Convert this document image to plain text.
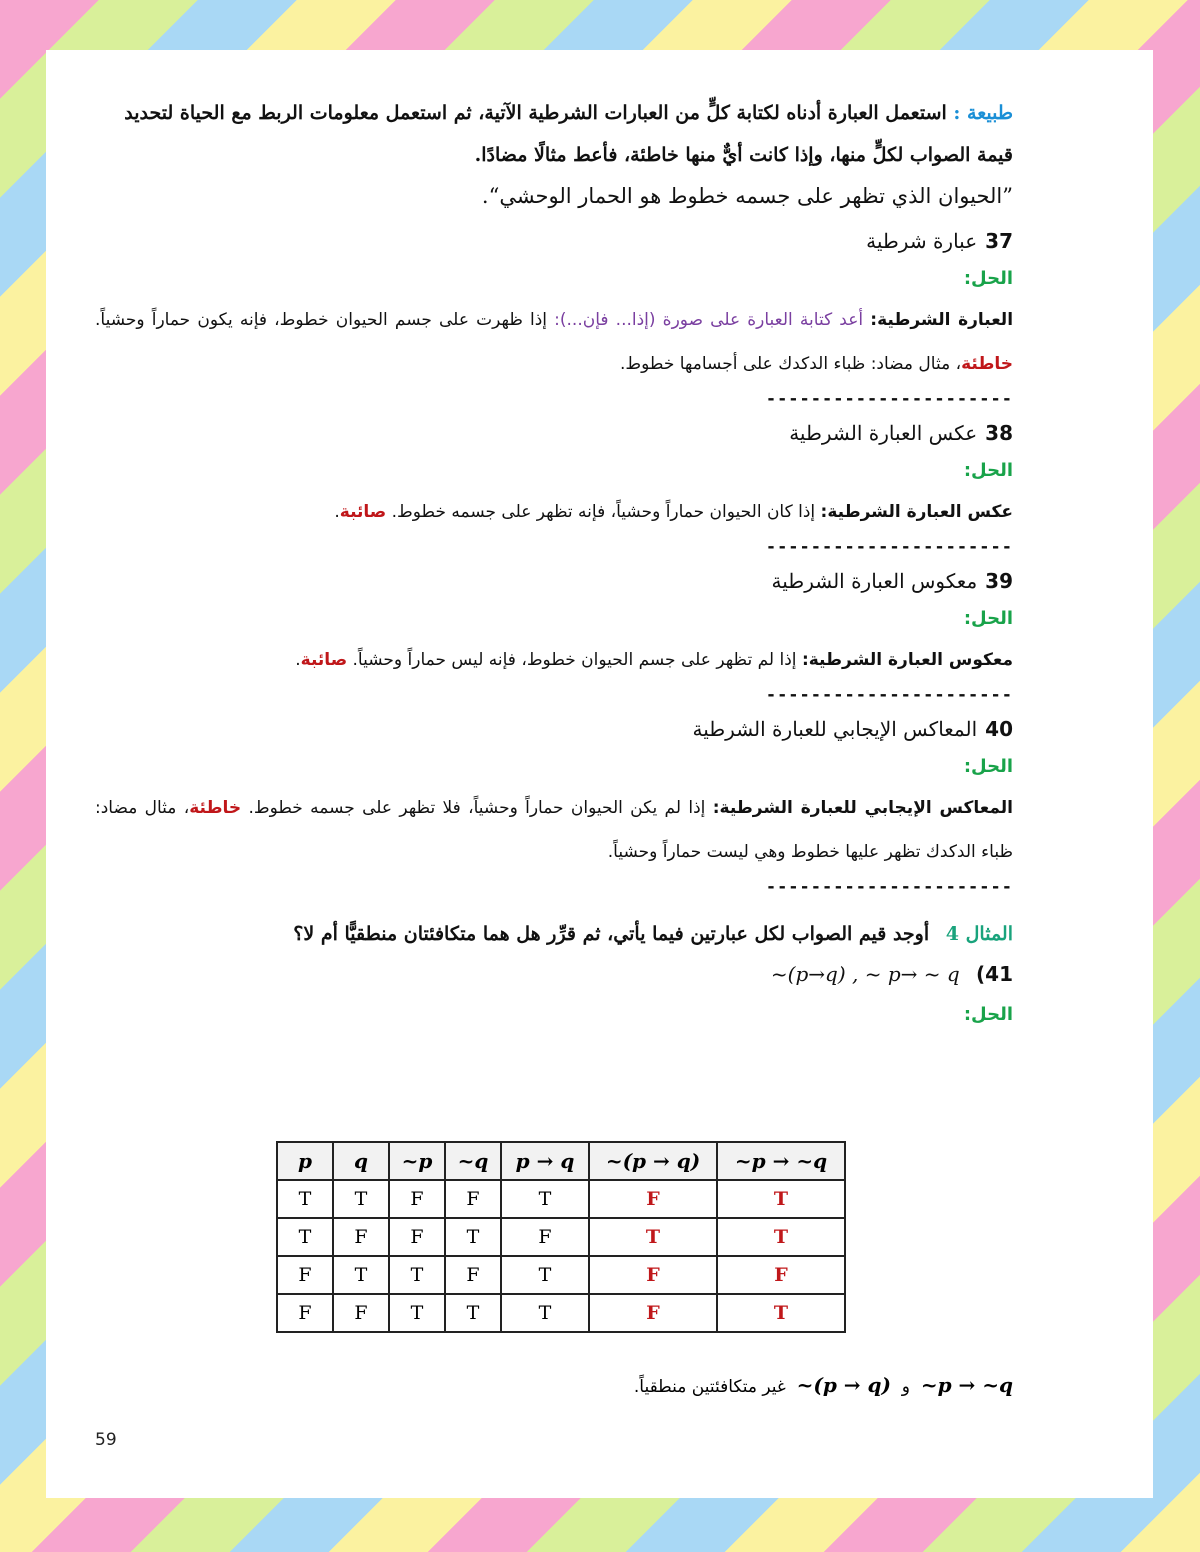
طبيعة : استعمل العبارة أدناه لكتابة كلٍّ من العبارات الشرطية الآتية، ثم استعمل معلومات الربط مع الحياة لتحديد قيمة الصواب لكلٍّ منها، وإذا كانت أيٌّ منها خاطئة، فأعط مثالًا مضادًا.

”الحيوان الذي تظهر على جسمه خطوط هو الحمار الوحشي“.

37عبارة شرطية
الحل:

العبارة الشرطية: أعد كتابة العبارة على صورة (إذا... فإن...): إذا ظهرت على جسم الحيوان خطوط، فإنه يكون حماراً وحشياً. خاطئة، مثال مضاد: ظباء الدكدك على أجسامها خطوط.

----------------------
38عكس العبارة الشرطية
الحل:

عكس العبارة الشرطية: إذا كان الحيوان حماراً وحشياً، فإنه تظهر على جسمه خطوط. صائبة.

----------------------
39معكوس العبارة الشرطية
الحل:

معكوس العبارة الشرطية: إذا لم تظهر على جسم الحيوان خطوط، فإنه ليس حماراً وحشياً. صائبة.

----------------------
40المعاكس الإيجابي للعبارة الشرطية
الحل:

المعاكس الإيجابي للعبارة الشرطية: إذا لم يكن الحيوان حماراً وحشياً، فلا تظهر على جسمه خطوط. خاطئة، مثال مضاد: ظباء الدكدك تظهر عليها خطوط وهي ليست حماراً وحشياً.

----------------------

المثال 4 أوجد قيم الصواب لكل عبارتين فيما يأتي، ثم قرِّر هل هما متكافئتان منطقيًّا أم لا؟

41) ~(p→q) , ~ p→ ~ q

الحل:
p	q	~p	~q	p → q	~(p → q)	~p → ~q
T	T	F	F	T	F	T
T	F	F	T	F	T	T
F	T	T	F	T	F	F
F	F	T	T	T	F	T
~p → ~q  و  ~(p → q)  غير متكافئتين منطقياً.
59
